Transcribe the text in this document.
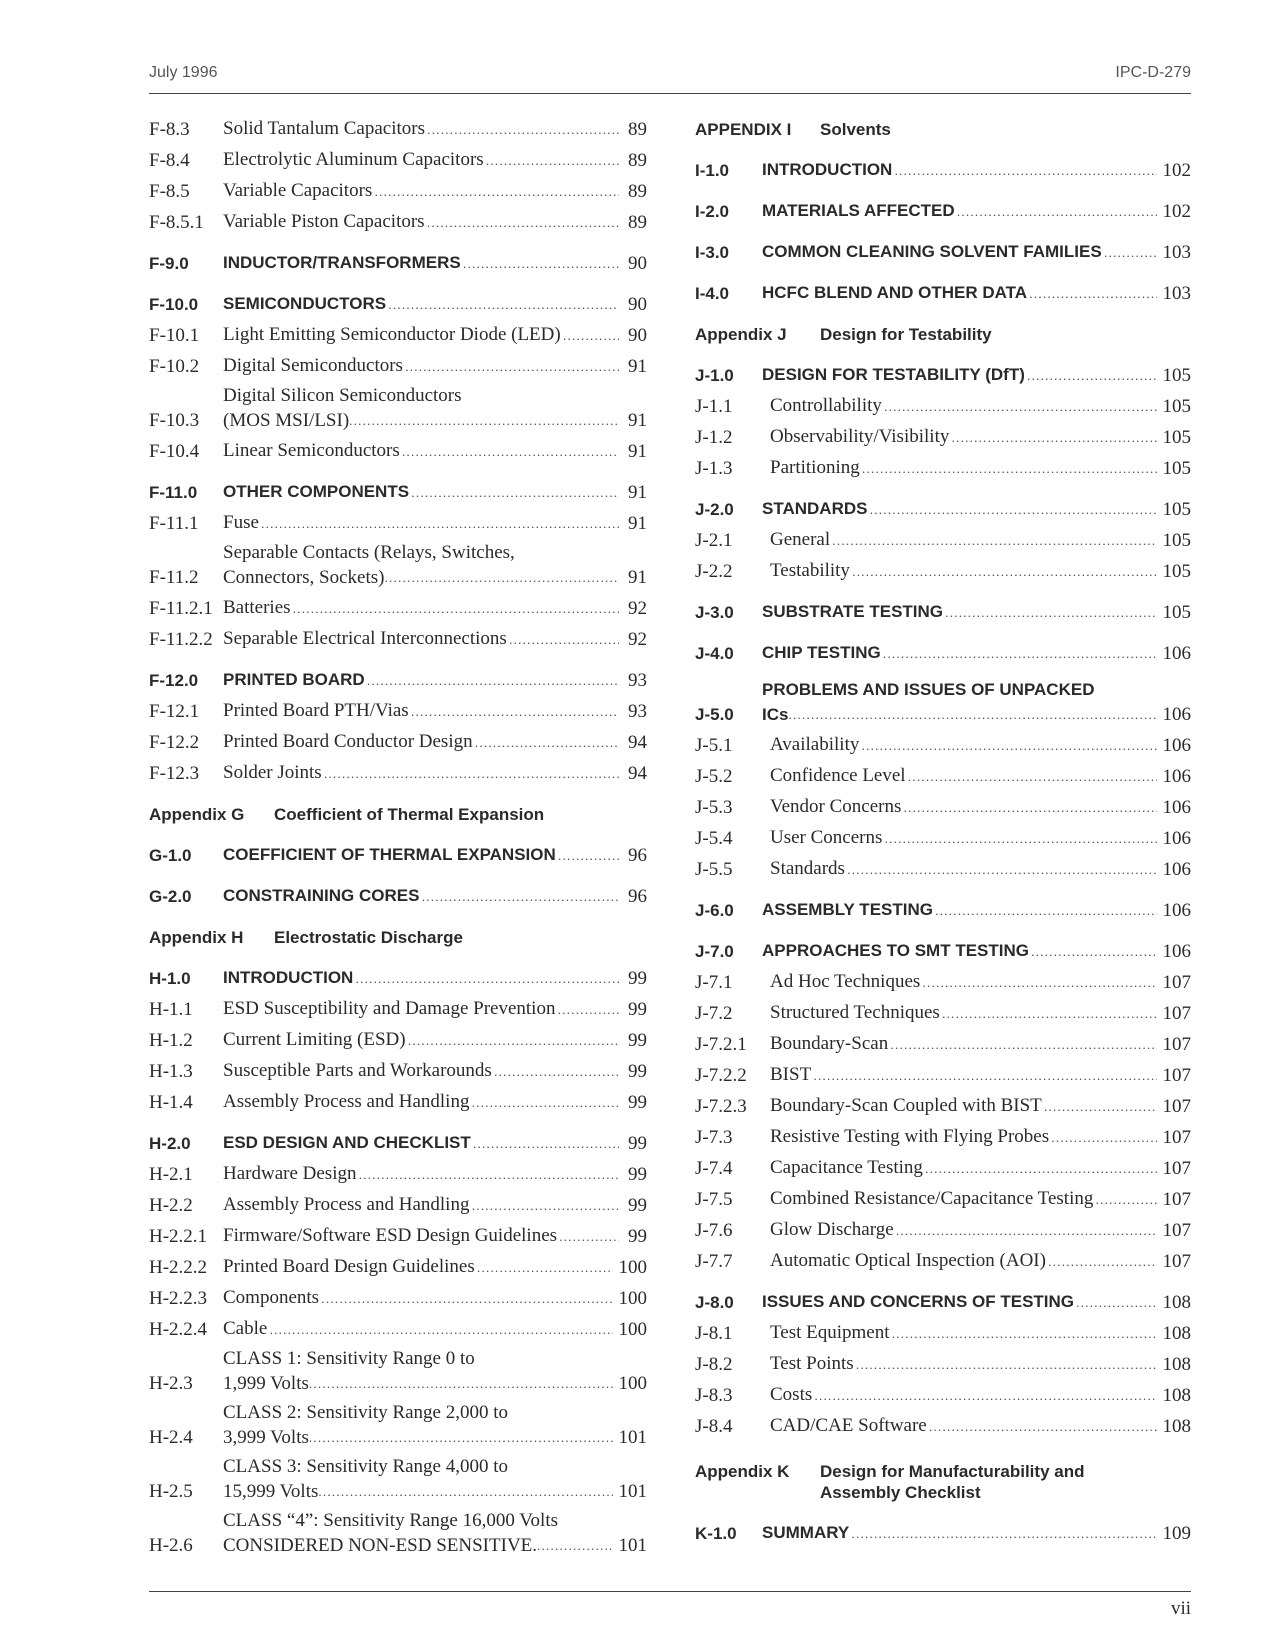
July 1996	IPC-D-279
F-8.3	Solid Tantalum Capacitors . . .	89
F-8.4	Electrolytic Aluminum Capacitors . . .	89
F-8.5	Variable Capacitors . . .	89
F-8.5.1	Variable Piston Capacitors . . .	89
F-9.0	INDUCTOR/TRANSFORMERS . . .	90
F-10.0	SEMICONDUCTORS . . .	90
F-10.1	Light Emitting Semiconductor Diode (LED) . . .	90
F-10.2	Digital Semiconductors . . .	91
F-10.3
Digital Silicon Semiconductors
(MOS MSI/LSI) . . .	91
F-10.4	Linear Semiconductors . . .	91
F-11.0	OTHER COMPONENTS . . .	91
F-11.1	Fuse . . .	91
F-11.2
Separable Contacts (Relays, Switches,
Connectors, Sockets) . . .	91
F-11.2.1 Batteries . . .	92
F-11.2.2 Separable Electrical Interconnections . . .	92
F-12.0	PRINTED BOARD . . .	93
F-12.1	Printed Board PTH/Vias . . .	93
F-12.2	Printed Board Conductor Design . . .	94
F-12.3	Solder Joints . . .	94
Appendix G	Coefficient of Thermal Expansion
G-1.0	COEFFICIENT OF THERMAL EXPANSION . . .	96
G-2.0	CONSTRAINING CORES . . .	96
Appendix H	Electrostatic Discharge
H-1.0	INTRODUCTION . . .	99
H-1.1	ESD Susceptibility and Damage Prevention . . .	99
H-1.2	Current Limiting (ESD) . . .	99
H-1.3	Susceptible Parts and Workarounds . . .	99
H-1.4	Assembly Process and Handling . . .	99
H-2.0	ESD DESIGN AND CHECKLIST . . .	99
H-2.1	Hardware Design . . .	99
H-2.2	Assembly Process and Handling . . .	99
H-2.2.1 Firmware/Software ESD Design Guidelines . . .	99
H-2.2.2 Printed Board Design Guidelines . . .	100
H-2.2.3 Components . . .	100
H-2.2.4 Cable . . .	100
H-2.3
CLASS 1: Sensitivity Range 0 to
1,999 Volts . . .	100
H-2.4
CLASS 2: Sensitivity Range 2,000 to
3,999 Volts . . .	101
H-2.5
CLASS 3: Sensitivity Range 4,000 to
15,999 Volts . . .	101
H-2.6
CLASS “4”: Sensitivity Range 16,000 Volts
CONSIDERED NON-ESD SENSITIVE. . . .	101
APPENDIX I	Solvents
I-1.0	INTRODUCTION . . .	102
I-2.0	MATERIALS AFFECTED . . .	102
I-3.0	COMMON CLEANING SOLVENT FAMILIES . . .	103
I-4.0	HCFC BLEND AND OTHER DATA . . .	103
Appendix J	Design for Testability
J-1.0	DESIGN FOR TESTABILITY (DfT) . . .	105
J-1.1	Controllability . . .	105
J-1.2	Observability/Visibility . . .	105
J-1.3	Partitioning . . .	105
J-2.0	STANDARDS . . .	105
J-2.1	General . . .	105
J-2.2	Testability . . .	105
J-3.0	SUBSTRATE TESTING . . .	105
J-4.0	CHIP TESTING . . .	106
J-5.0
PROBLEMS AND ISSUES OF UNPACKED
ICs . . .	106
J-5.1	Availability . . .	106
J-5.2	Confidence Level . . .	106
J-5.3	Vendor Concerns . . .	106
J-5.4	User Concerns . . .	106
J-5.5	Standards . . .	106
J-6.0	ASSEMBLY TESTING . . .	106
J-7.0	APPROACHES TO SMT TESTING . . .	106
J-7.1	Ad Hoc Techniques . . .	107
J-7.2	Structured Techniques . . .	107
J-7.2.1	Boundary-Scan . . .	107
J-7.2.2	BIST . . .	107
J-7.2.3	Boundary-Scan Coupled with BIST . . .	107
J-7.3	Resistive Testing with Flying Probes . . .	107
J-7.4	Capacitance Testing . . .	107
J-7.5	Combined Resistance/Capacitance Testing . . .	107
J-7.6	Glow Discharge . . .	107
J-7.7	Automatic Optical Inspection (AOI) . . .	107
J-8.0	ISSUES AND CONCERNS OF TESTING . . .	108
J-8.1	Test Equipment . . .	108
J-8.2	Test Points . . .	108
J-8.3	Costs . . .	108
J-8.4	CAD/CAE Software . . .	108
Appendix K	Design for Manufacturability and
Assembly Checklist
K-1.0	SUMMARY . . .	109
vii
